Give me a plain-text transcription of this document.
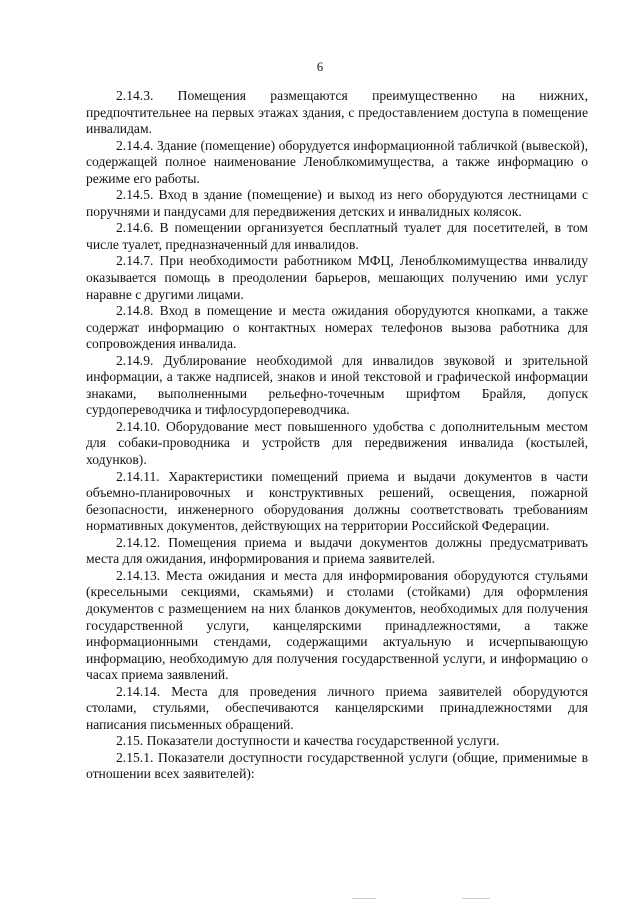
6

2.14.3. Помещения размещаются преимущественно на нижних, предпочтительнее на первых этажах здания, с предоставлением доступа в помещение инвалидам.

2.14.4. Здание (помещение) оборудуется информационной табличкой (вывеской), содержащей полное наименование Леноблкомимущества, а также информацию о режиме его работы.

2.14.5. Вход в здание (помещение) и выход из него оборудуются лестницами с поручнями и пандусами для передвижения детских и инвалидных колясок.

2.14.6. В помещении организуется бесплатный туалет для посетителей, в том числе туалет, предназначенный для инвалидов.

2.14.7. При необходимости работником МФЦ, Леноблкомимущества инвалиду оказывается помощь в преодолении барьеров, мешающих получению ими услуг наравне с другими лицами.

2.14.8. Вход в помещение и места ожидания оборудуются кнопками, а также содержат информацию о контактных номерах телефонов вызова работника для сопровождения инвалида.

2.14.9. Дублирование необходимой для инвалидов звуковой и зрительной информации, а также надписей, знаков и иной текстовой и графической информации знаками, выполненными рельефно-точечным шрифтом Брайля, допуск сурдопереводчика и тифлосурдопереводчика.

2.14.10. Оборудование мест повышенного удобства с дополнительным местом для собаки-проводника и устройств для передвижения инвалида (костылей, ходунков).

2.14.11. Характеристики помещений приема и выдачи документов в части объемно-планировочных и конструктивных решений, освещения, пожарной безопасности, инженерного оборудования должны соответствовать требованиям нормативных документов, действующих на территории Российской Федерации.

2.14.12. Помещения приема и выдачи документов должны предусматривать места для ожидания, информирования и приема заявителей.

2.14.13. Места ожидания и места для информирования оборудуются стульями (кресельными секциями, скамьями) и столами (стойками) для оформления документов с размещением на них бланков документов, необходимых для получения государственной услуги, канцелярскими принадлежностями, а также информационными стендами, содержащими актуальную и исчерпывающую информацию, необходимую для получения государственной услуги, и информацию о часах приема заявлений.

2.14.14. Места для проведения личного приема заявителей оборудуются столами, стульями, обеспечиваются канцелярскими принадлежностями для написания письменных обращений.

2.15. Показатели доступности и качества государственной услуги.

2.15.1. Показатели доступности государственной услуги (общие, применимые в отношении всех заявителей):
